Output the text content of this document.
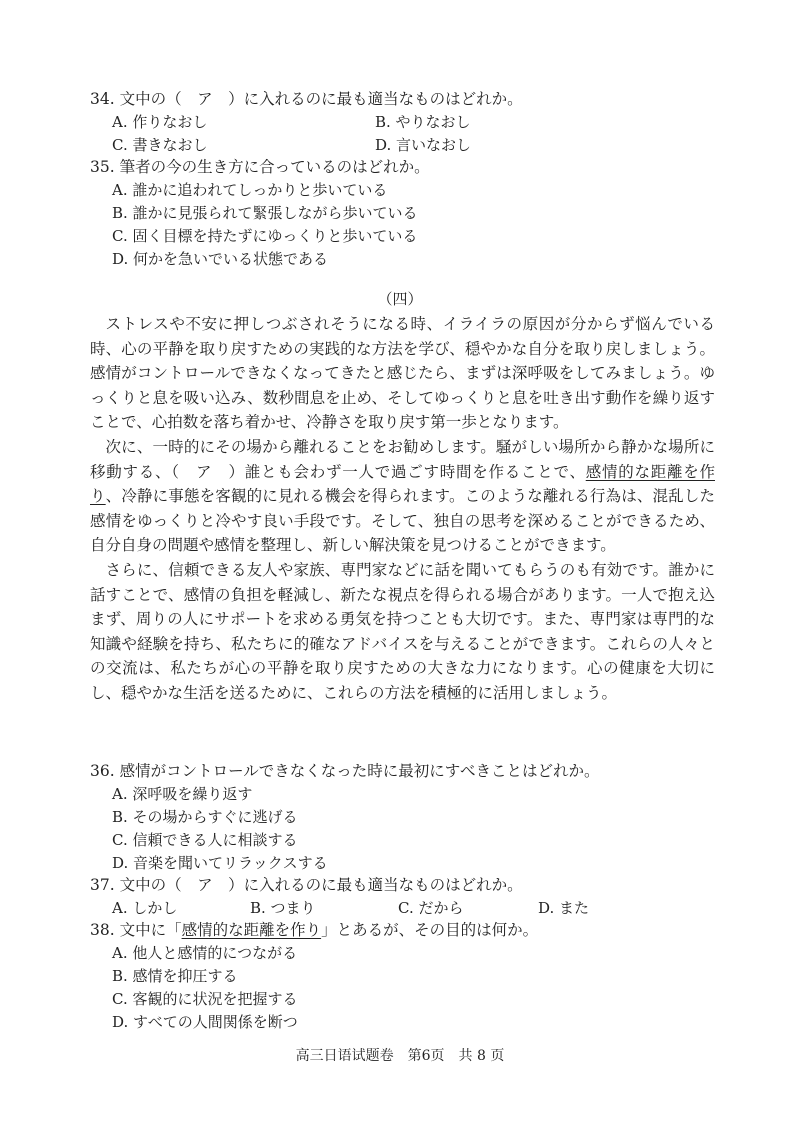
34. 文中の（　ア　）に入れるのに最も適当なものはどれか。
A. 作りなおし	B. やりなおし
C. 書きなおし	D. 言いなおし
35. 筆者の今の生き方に合っているのはどれか。
A. 誰かに追われてしっかりと歩いている
B. 誰かに見張られて緊張しながら歩いている
C. 固く目標を持たずにゆっくりと歩いている
D. 何かを急いでいる状態である
（四）

ストレスや不安に押しつぶされそうになる時、イライラの原因が分からず悩んでいる時、心の平静を取り戻すための実践的な方法を学び、穏やかな自分を取り戻しましょう。感情がコントロールできなくなってきたと感じたら、まずは深呼吸をしてみましょう。ゆっくりと息を吸い込み、数秒間息を止め、そしてゆっくりと息を吐き出す動作を繰り返すことで、心拍数を落ち着かせ、冷静さを取り戻す第一歩となります。

次に、一時的にその場から離れることをお勧めします。騒がしい場所から静かな場所に移動する、（　ア　）誰とも会わず一人で過ごす時間を作ることで、感情的な距離を作り、冷静に事態を客観的に見れる機会を得られます。このような離れる行為は、混乱した感情をゆっくりと冷やす良い手段です。そして、独自の思考を深めることができるため、自分自身の問題や感情を整理し、新しい解決策を見つけることができます。

さらに、信頼できる友人や家族、専門家などに話を聞いてもらうのも有効です。誰かに話すことで、感情の負担を軽減し、新たな視点を得られる場合があります。一人で抱え込まず、周りの人にサポートを求める勇気を持つことも大切です。また、専門家は専門的な知識や経験を持ち、私たちに的確なアドバイスを与えることができます。これらの人々との交流は、私たちが心の平静を取り戻すための大きな力になります。心の健康を大切にし、穏やかな生活を送るために、これらの方法を積極的に活用しましょう。

36. 感情がコントロールできなくなった時に最初にすべきことはどれか。
A. 深呼吸を繰り返す
B. その場からすぐに逃げる
C. 信頼できる人に相談する
D. 音楽を聞いてリラックスする
37. 文中の（　ア　）に入れるのに最も適当なものはどれか。
A. しかし	B. つまり	C. だから	D. また
38. 文中に「感情的な距離を作り」とあるが、その目的は何か。
A. 他人と感情的につながる
B. 感情を抑圧する
C. 客観的に状況を把握する
D. すべての人間関係を断つ
高三日语试题卷　第6页　共 8 页
